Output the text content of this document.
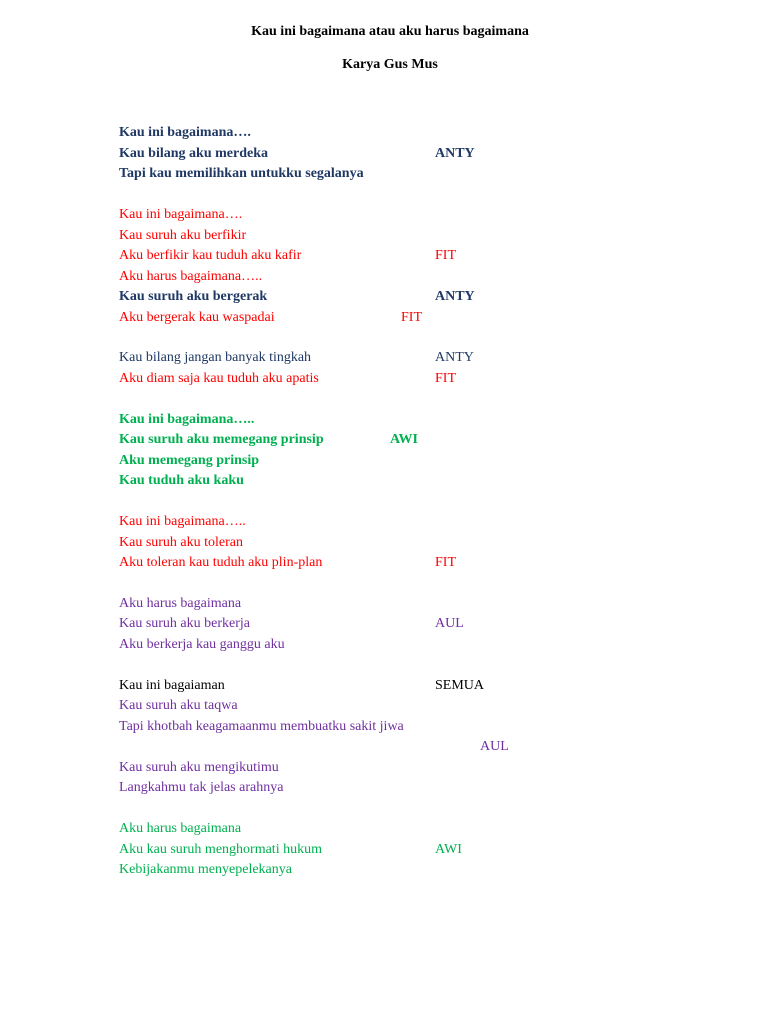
Kau ini bagaimana atau aku harus bagaimana
Karya Gus Mus
Kau ini bagaimana….
Kau bilang aku merdeka	ANTY
Tapi kau memilihkan untukku segalanya
Kau ini bagaimana….
Kau suruh aku berfikir
Aku berfikir kau tuduh aku kafir	FIT
Aku harus bagaimana…..
Kau suruh aku bergerak	ANTY
Aku bergerak kau waspadai	FIT
Kau bilang jangan banyak tingkah	ANTY
Aku diam saja kau tuduh aku apatis	FIT
Kau ini bagaimana…..
Kau suruh aku memegang prinsip	AWI
Aku memegang prinsip
Kau tuduh aku kaku
Kau ini bagaimana…..
Kau suruh aku toleran
Aku toleran kau tuduh aku plin-plan	FIT
Aku harus bagaimana
Kau suruh aku berkerja	AUL
Aku berkerja kau ganggu aku
Kau ini bagaiaman	SEMUA
Kau suruh aku taqwa
Tapi khotbah keagamaanmu membuatku sakit jiwa
AUL
Kau suruh aku mengikutimu
Langkahmu tak jelas arahnya
Aku harus bagaimana
Aku kau suruh menghormati hukum	AWI
Kebijakanmu menyepelekanya
